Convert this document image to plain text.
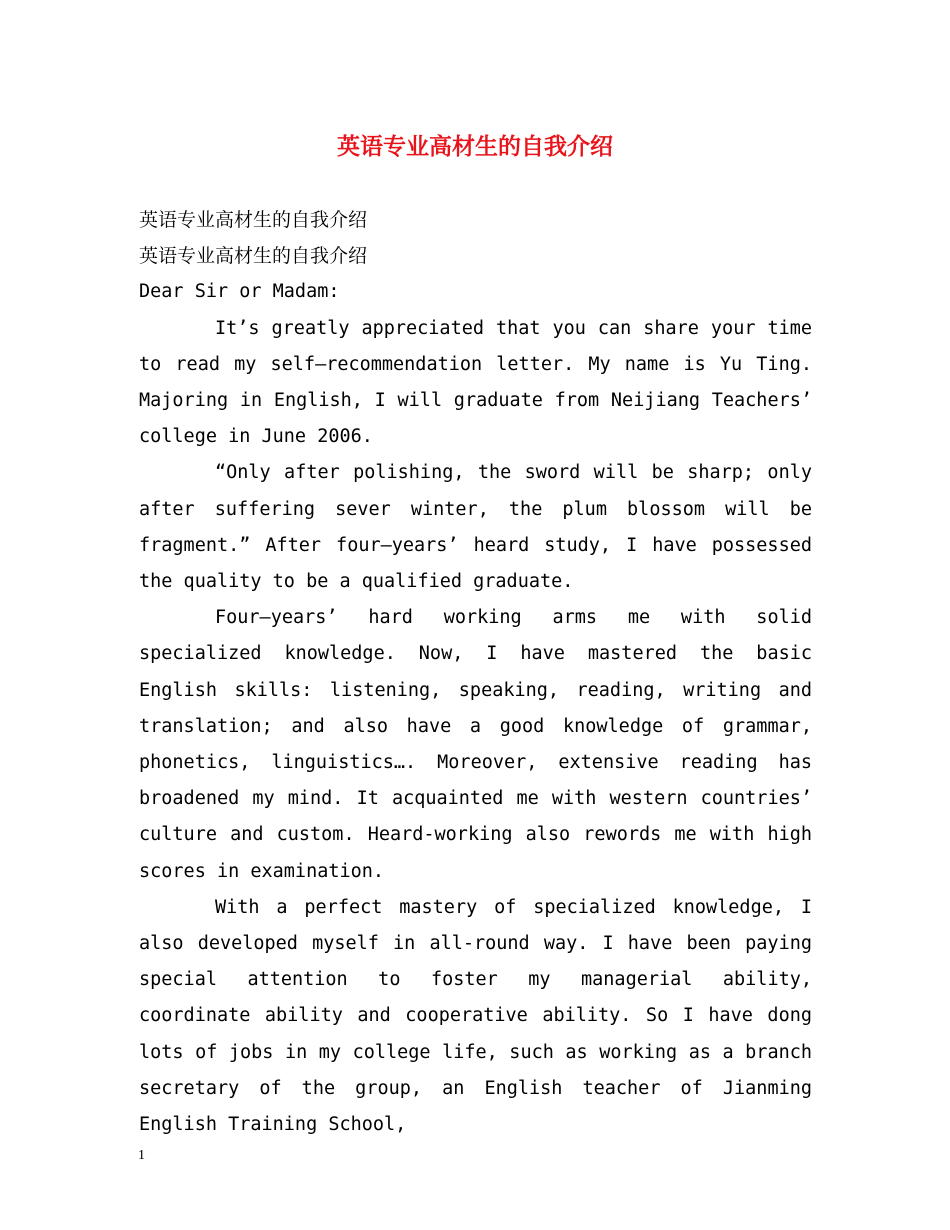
英语专业高材生的自我介绍

英语专业高材生的自我介绍

英语专业高材生的自我介绍

Dear Sir or Madam:

It’s greatly appreciated that you can share your time to read my self—recommendation letter. My name is Yu Ting. Majoring in English, I will graduate from Neijiang Teachers’ college in June 2006.

“Only after polishing, the sword will be sharp; only after suffering sever winter, the plum blossom will be fragment.” After four—years’ heard study, I have possessed the quality to be a qualified graduate.

Four—years’ hard working arms me with solid specialized knowledge. Now, I have mastered the basic English skills: listening, speaking, reading, writing and translation; and also have a good knowledge of grammar, phonetics, linguistics…. Moreover, extensive reading has broadened my mind. It acquainted me with western countries’ culture and custom. Heard-working also rewords me with high scores in examination.

With a perfect mastery of specialized knowledge, I also developed myself in all-round way. I have been paying special attention to foster my managerial ability, coordinate ability and cooperative ability. So I have dong lots of jobs in my college life, such as working as a branch secretary of the group, an English teacher of Jianming English Training School,

1
